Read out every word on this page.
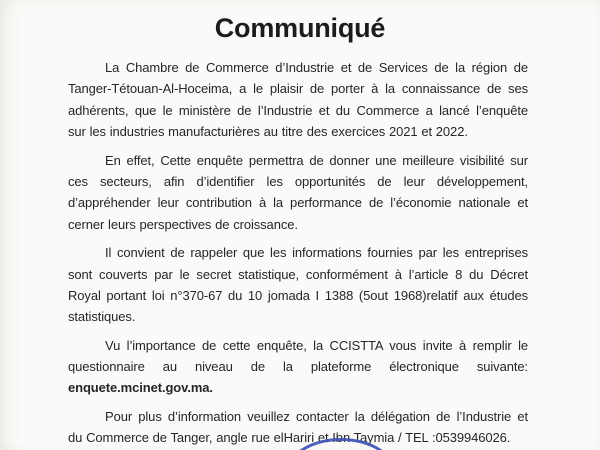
Communiqué
La Chambre de Commerce d’Industrie et de Services de la région de
Tanger-Tétouan-Al-Hoceima, a le plaisir de porter à la connaissance de ses
adhérents, que le ministère de l’Industrie et du Commerce a lancé l’enquête
sur les industries manufacturières au titre des exercices 2021 et 2022.
En effet, Cette enquête permettra de donner une meilleure visibilité sur
ces secteurs, afin d’identifier les opportunités de leur développement,
d’appréhender leur contribution à la performance de l’économie nationale et
cerner leurs perspectives de croissance.
Il convient de rappeler que les informations fournies par les entreprises
sont couverts par le secret statistique, conformément à l’article 8 du Décret
Royal portant loi n°370-67 du 10 jomada I 1388 (5out 1968)relatif aux études
statistiques.
Vu l’importance de cette enquête, la CCISTTA vous invite à remplir le
questionnaire au niveau de la plateforme électronique suivante:
enquete.mcinet.gov.ma.
Pour plus d’information veuillez contacter la délégation de l’Industrie et
du Commerce de Tanger, angle rue elHariri et Ibn Taymia / TEL :0539946026.
